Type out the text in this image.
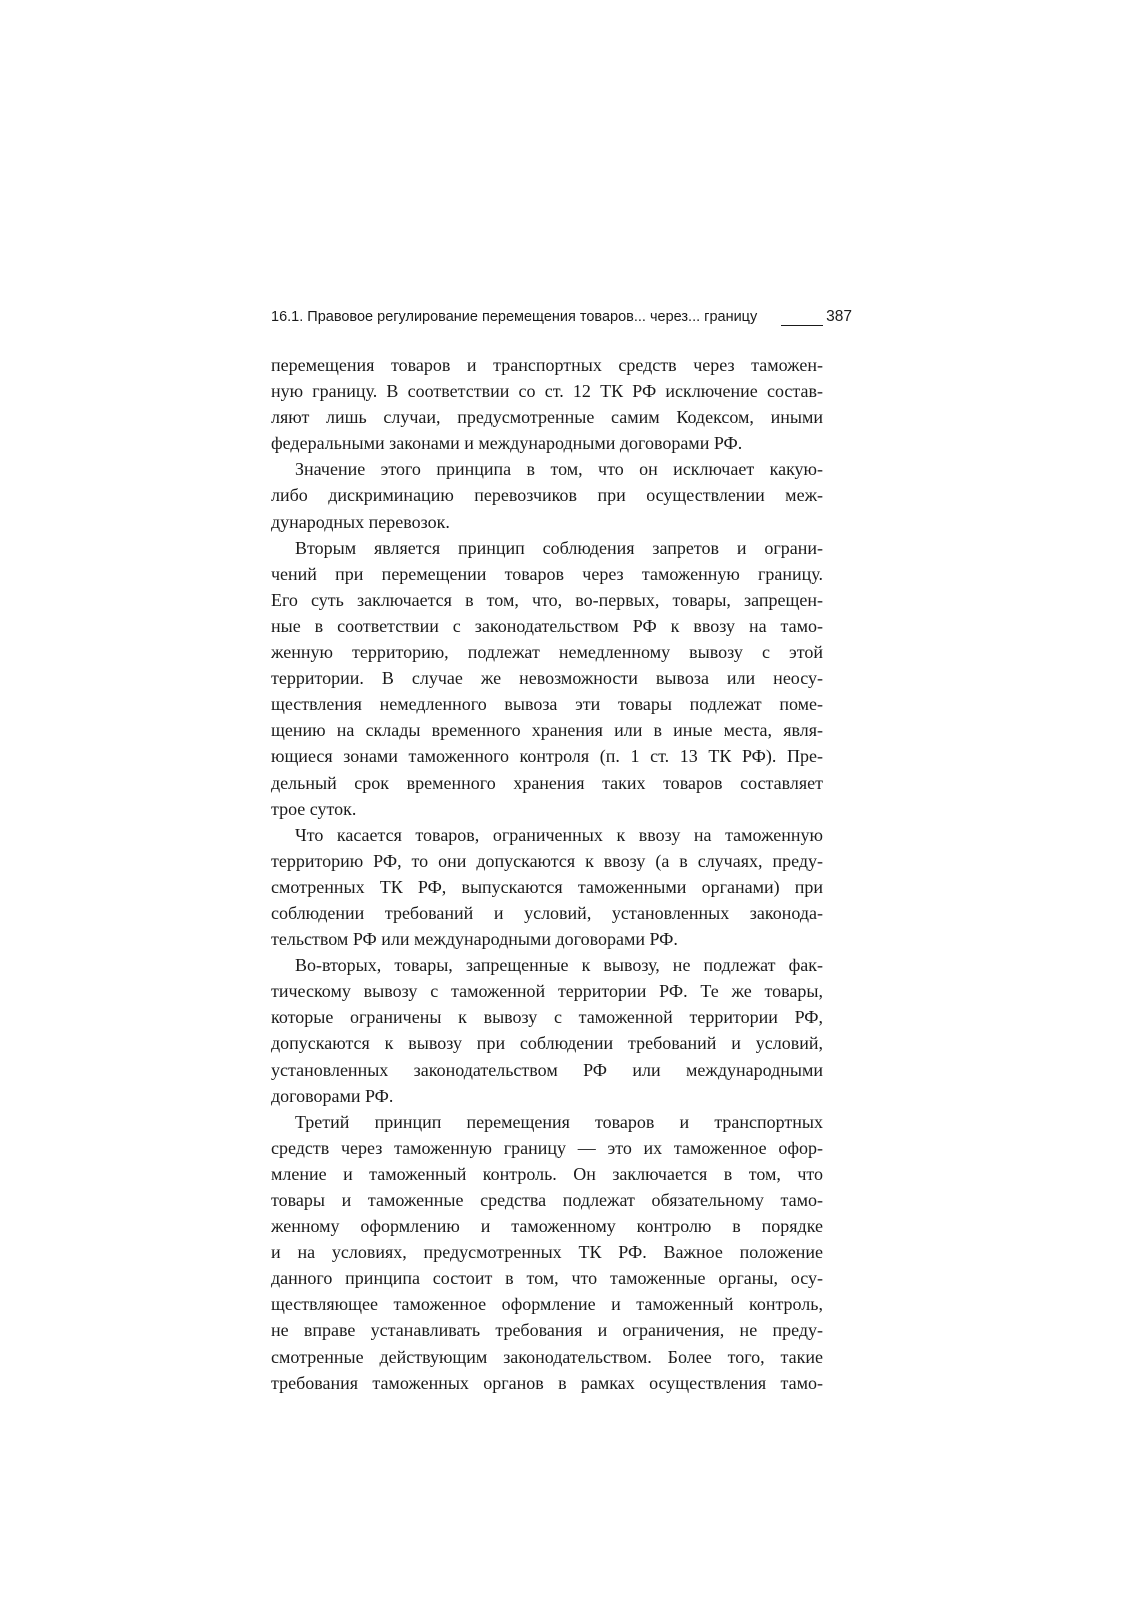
16.1. Правовое регулирование перемещения товаров... через... границу	387
перемещения товаров и транспортных средств через таможен-
ную границу. В соответствии со ст. 12 ТК РФ исключение состав-
ляют лишь случаи, предусмотренные самим Кодексом, иными
федеральными законами и международными договорами РФ.
Значение этого принципа в том, что он исключает какую-
либо дискриминацию перевозчиков при осуществлении меж-
дународных перевозок.
Вторым является принцип соблюдения запретов и ограни-
чений при перемещении товаров через таможенную границу.
Его суть заключается в том, что, во-первых, товары, запрещен-
ные в соответствии с законодательством РФ к ввозу на тамо-
женную территорию, подлежат немедленному вывозу с этой
территории. В случае же невозможности вывоза или неосу-
ществления немедленного вывоза эти товары подлежат поме-
щению на склады временного хранения или в иные места, явля-
ющиеся зонами таможенного контроля (п. 1 ст. 13 ТК РФ). Пре-
дельный срок временного хранения таких товаров составляет
трое суток.
Что касается товаров, ограниченных к ввозу на таможенную
территорию РФ, то они допускаются к ввозу (а в случаях, преду-
смотренных ТК РФ, выпускаются таможенными органами) при
соблюдении требований и условий, установленных законода-
тельством РФ или международными договорами РФ.
Во-вторых, товары, запрещенные к вывозу, не подлежат фак-
тическому вывозу с таможенной территории РФ. Те же товары,
которые ограничены к вывозу с таможенной территории РФ,
допускаются к вывозу при соблюдении требований и условий,
установленных законодательством РФ или международными
договорами РФ.
Третий принцип перемещения товаров и транспортных
средств через таможенную границу — это их таможенное офор-
мление и таможенный контроль. Он заключается в том, что
товары и таможенные средства подлежат обязательному тамо-
женному оформлению и таможенному контролю в порядке
и на условиях, предусмотренных ТК РФ. Важное положение
данного принципа состоит в том, что таможенные органы, осу-
ществляющее таможенное оформление и таможенный контроль,
не вправе устанавливать требования и ограничения, не преду-
смотренные действующим законодательством. Более того, такие
требования таможенных органов в рамках осуществления тамо-
